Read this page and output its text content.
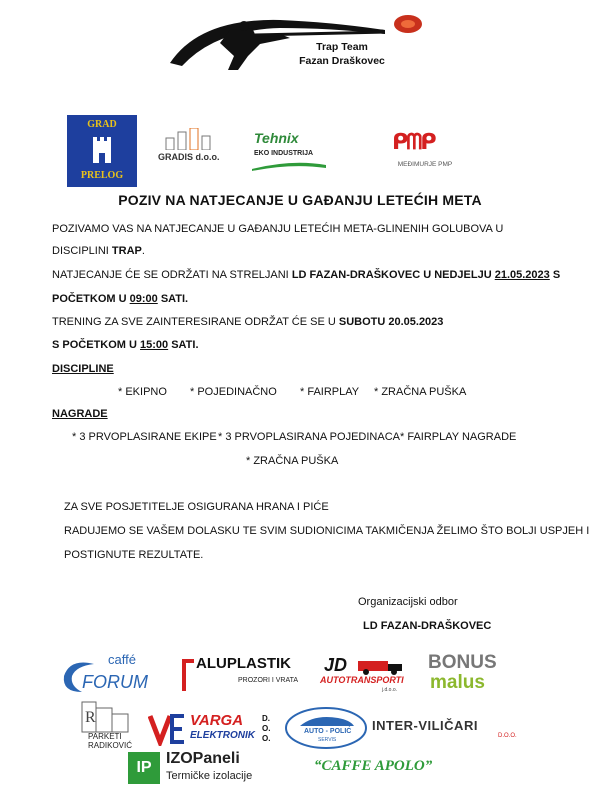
Trap Team
Fazan Draškovec
GRAD
PRELOG
GRADIS d.o.o.
Tehnix
EKO INDUSTRIJA	ᑭᗰᑭ
MEĐIMURJE PMP
POZIV NA NATJECANJE U GAĐANJU LETEĆIH META
POZIVAMO VAS NA NATJECANJE U GAĐANJU LETEĆIH META-GLINENIH GOLUBOVA U
DISCIPLINI TRAP.
NATJECANJE ĆE SE ODRŽATI NA STRELJANI LD FAZAN-DRAŠKOVEC U NEDJELJU 21.05.2023 S
POČETKOM U 09:00 SATI.
TRENING ZA SVE ZAINTERESIRANE ODRŽAT ĆE SE U SUBOTU 20.05.2023
S POČETKOM U 15:00 SATI.
DISCIPLINE
* EKIPNO * POJEDINAČNO * FAIRPLAY * ZRAČNA PUŠKA
NAGRADE
* 3 PRVOPLASIRANE EKIPE * 3 PRVOPLASIRANA POJEDINACA * FAIRPLAY NAGRADE
* ZRAČNA PUŠKA
ZA SVE POSJETITELJE OSIGURANA HRANA I PIĆE
RADUJEMO SE VAŠEM DOLASKU TE SVIM SUDIONICIMA TAKMIČENJA ŽELIMO ŠTO BOLJI USPJEH I
POSTIGNUTE REZULTATE.
Organizacijski odbor
LD FAZAN-DRAŠKOVEC
caffé
FORUM
ALUPLASTIK
PROZORI I VRATA
JD
AUTOTRANSPORTI
j.d.o.o.
BONUS
malus
R
PARKETI
RADIKOVIĆ
VARGA
ELEKTRONIK
D.O.O.
AUTO - POLIĆ
SERVIS
INTER-VILIČARI
D.O.O.
IP
IZOPaneli
Termičke izolacije
“CAFFE APOLO”
